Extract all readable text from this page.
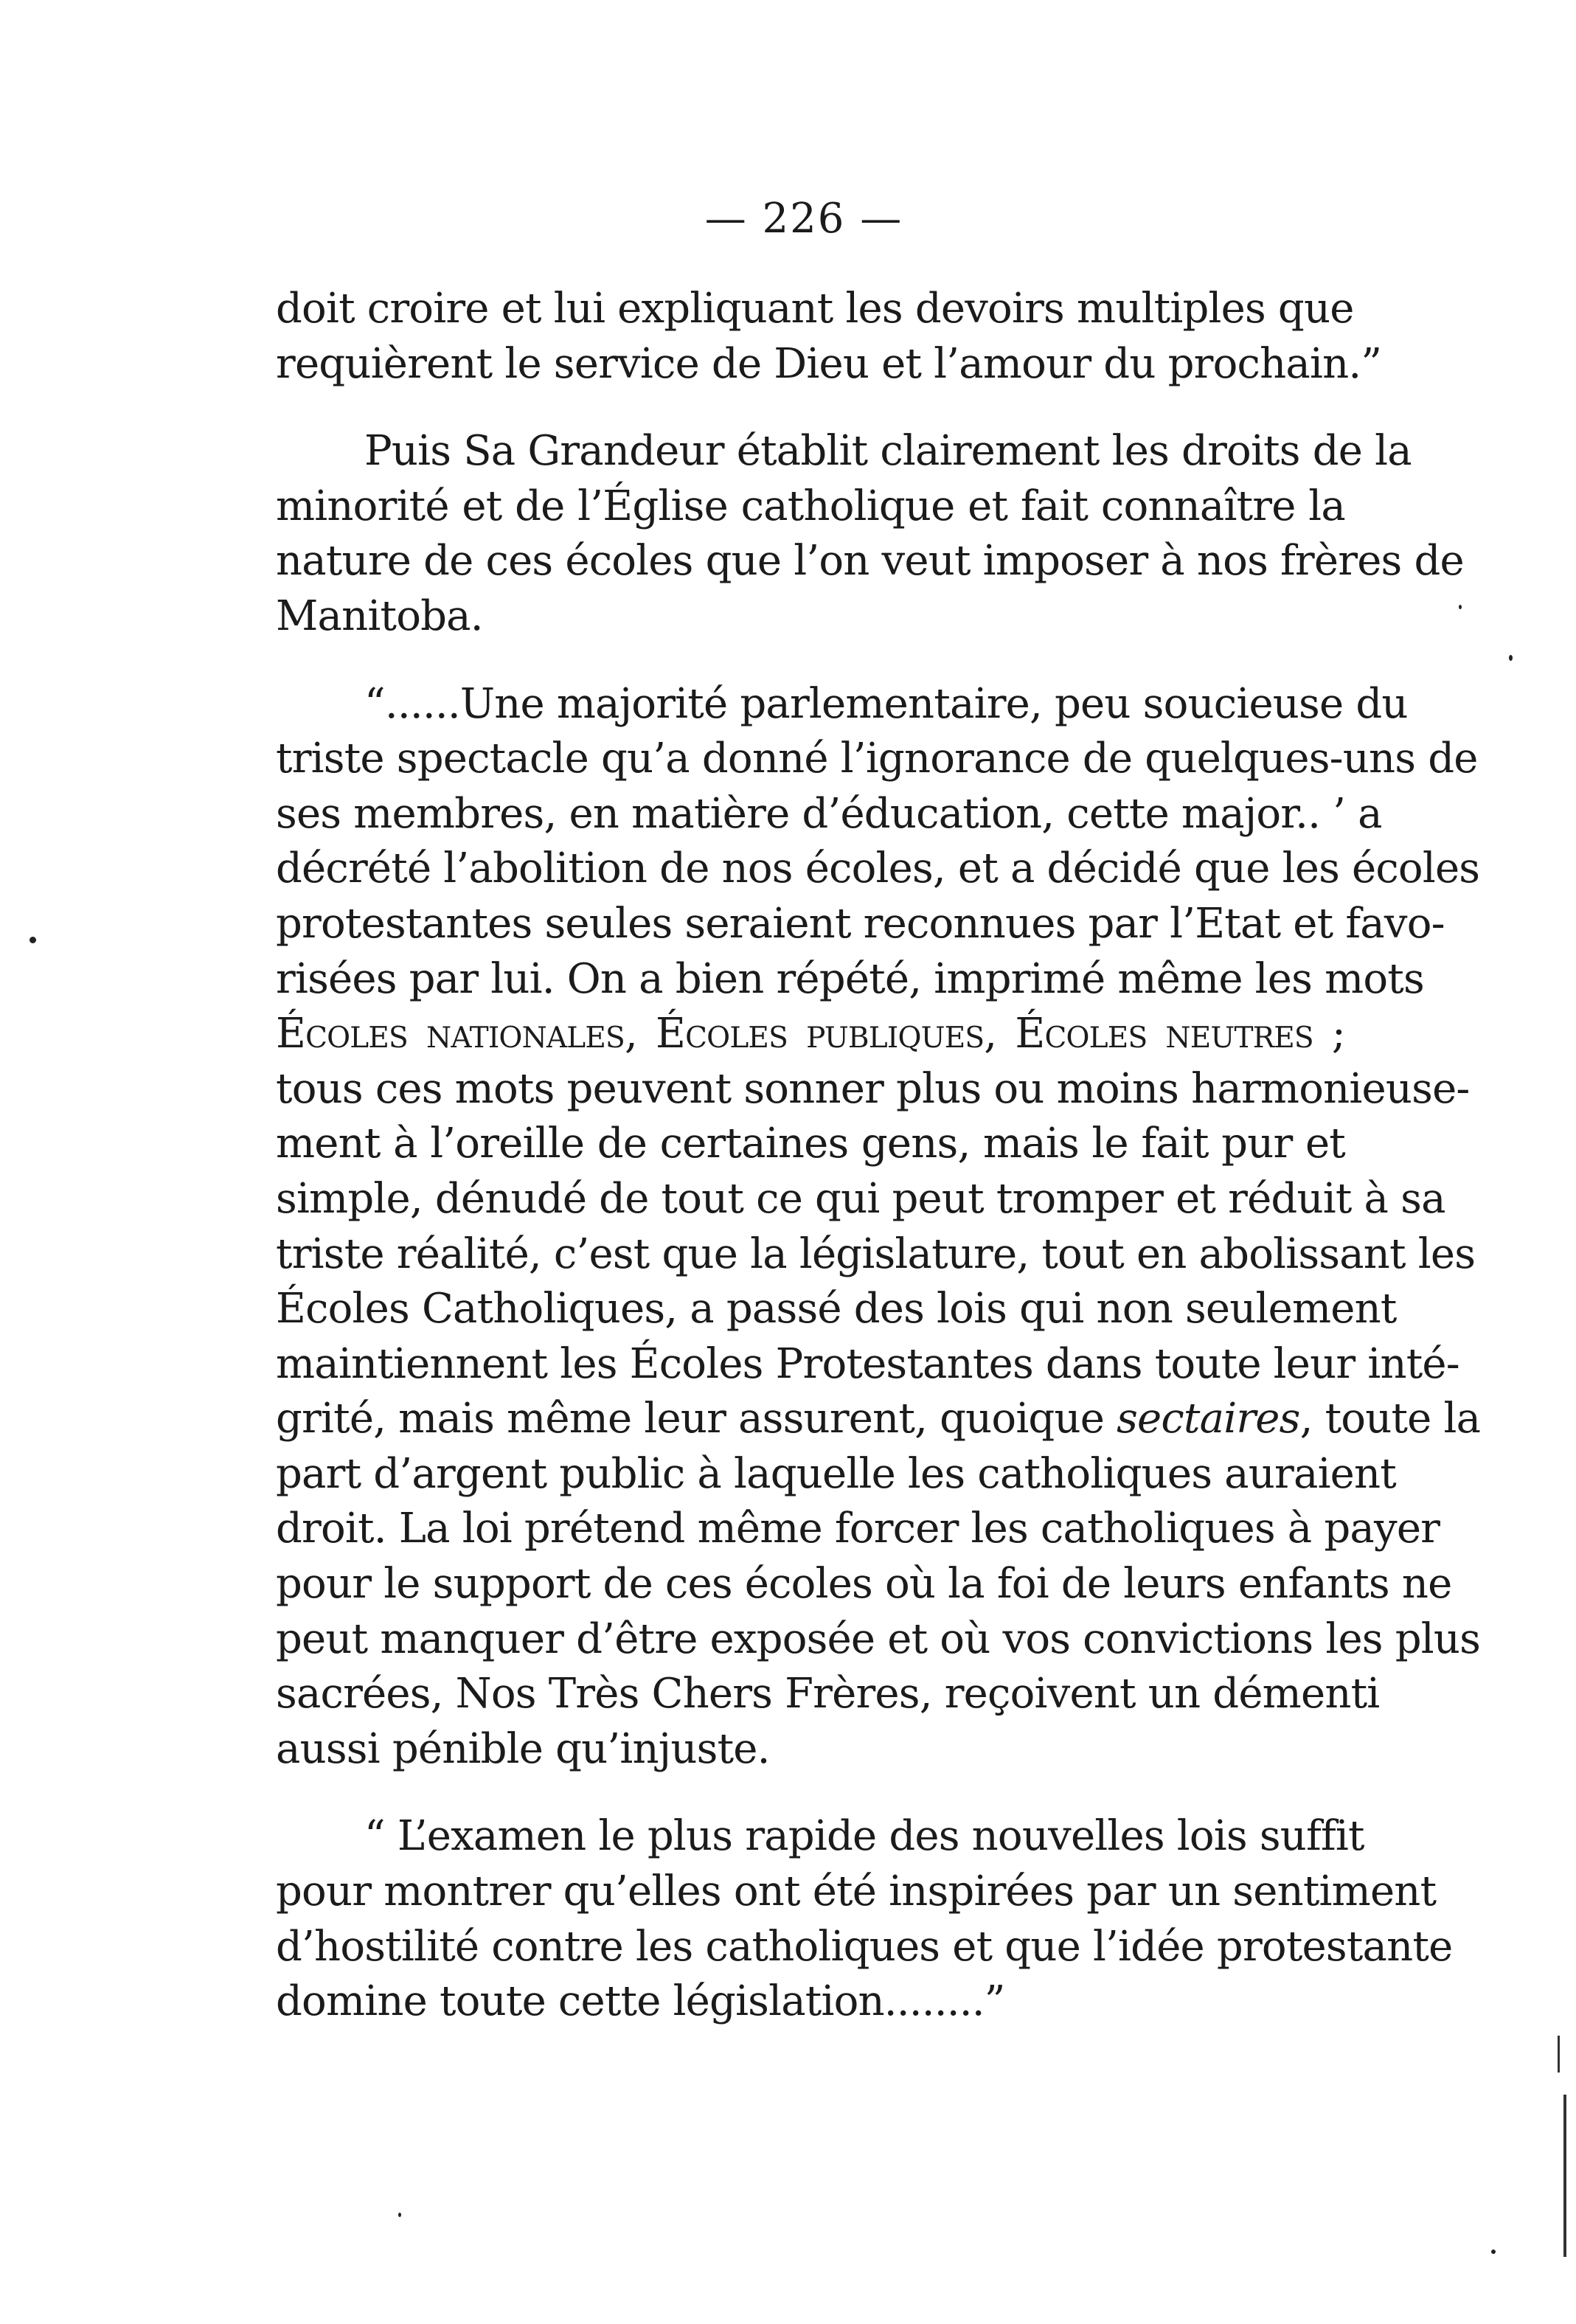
— 226 —
doit croire et lui expliquant les devoirs multiples que
requièrent le service de Dieu et l’amour du prochain.”
Puis Sa Grandeur établit clairement les droits de la
minorité et de l’Église catholique et fait connaître la
nature de ces écoles que l’on veut imposer à nos frères de
Manitoba.
“......Une majorité parlementaire, peu soucieuse du
triste spectacle qu’a donné l’ignorance de quelques-uns de
ses membres, en matière d’éducation, cette major.. ’ a
décrété l’abolition de nos écoles, et a décidé que les écoles
protestantes seules seraient reconnues par l’Etat et favo-
risées par lui. On a bien répété, imprimé même les mots
Écoles nationales, Écoles publiques, Écoles neutres ;
tous ces mots peuvent sonner plus ou moins harmonieuse-
ment à l’oreille de certaines gens, mais le fait pur et
simple, dénudé de tout ce qui peut tromper et réduit à sa
triste réalité, c’est que la législature, tout en abolissant les
Écoles Catholiques, a passé des lois qui non seulement
maintiennent les Écoles Protestantes dans toute leur inté-
grité, mais même leur assurent, quoique sectaires, toute la
part d’argent public à laquelle les catholiques auraient
droit. La loi prétend même forcer les catholiques à payer
pour le support de ces écoles où la foi de leurs enfants ne
peut manquer d’être exposée et où vos convictions les plus
sacrées, Nos Très Chers Frères, reçoivent un démenti
aussi pénible qu’injuste.
“ L’examen le plus rapide des nouvelles lois suffit
pour montrer qu’elles ont été inspirées par un sentiment
d’hostilité contre les catholiques et que l’idée protestante
domine toute cette législation........”
